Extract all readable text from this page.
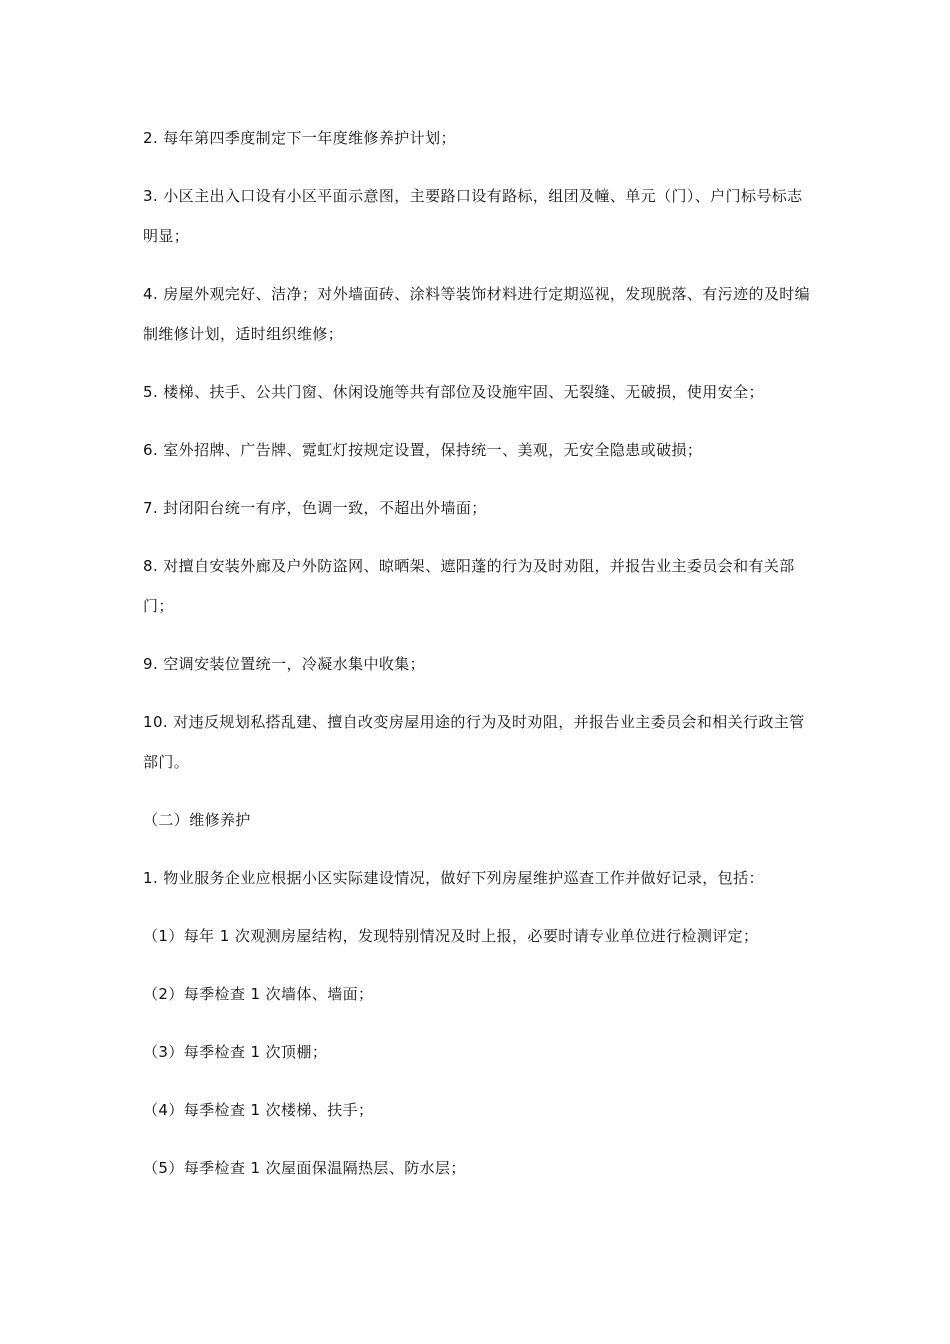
2. 每年第四季度制定下一年度维修养护计划；

3. 小区主出入口设有小区平面示意图，主要路口设有路标，组团及幢、单元（门）、户门标号标志明显；

4. 房屋外观完好、洁净；对外墙面砖、涂料等装饰材料进行定期巡视，发现脱落、有污迹的及时编制维修计划，适时组织维修；

5. 楼梯、扶手、公共门窗、休闲设施等共有部位及设施牢固、无裂缝、无破损，使用安全；

6. 室外招牌、广告牌、霓虹灯按规定设置，保持统一、美观，无安全隐患或破损；

7. 封闭阳台统一有序，色调一致，不超出外墙面；

8. 对擅自安装外廊及户外防盗网、晾晒架、遮阳蓬的行为及时劝阻，并报告业主委员会和有关部门；

9. 空调安装位置统一，冷凝水集中收集；

10. 对违反规划私搭乱建、擅自改变房屋用途的行为及时劝阻，并报告业主委员会和相关行政主管部门。

（二）维修养护

1. 物业服务企业应根据小区实际建设情况，做好下列房屋维护巡查工作并做好记录，包括：

（1）每年 1 次观测房屋结构，发现特别情况及时上报，必要时请专业单位进行检测评定；

（2）每季检查 1 次墙体、墙面；

（3）每季检查 1 次顶棚；

（4）每季检查 1 次楼梯、扶手；

（5）每季检查 1 次屋面保温隔热层、防水层；
